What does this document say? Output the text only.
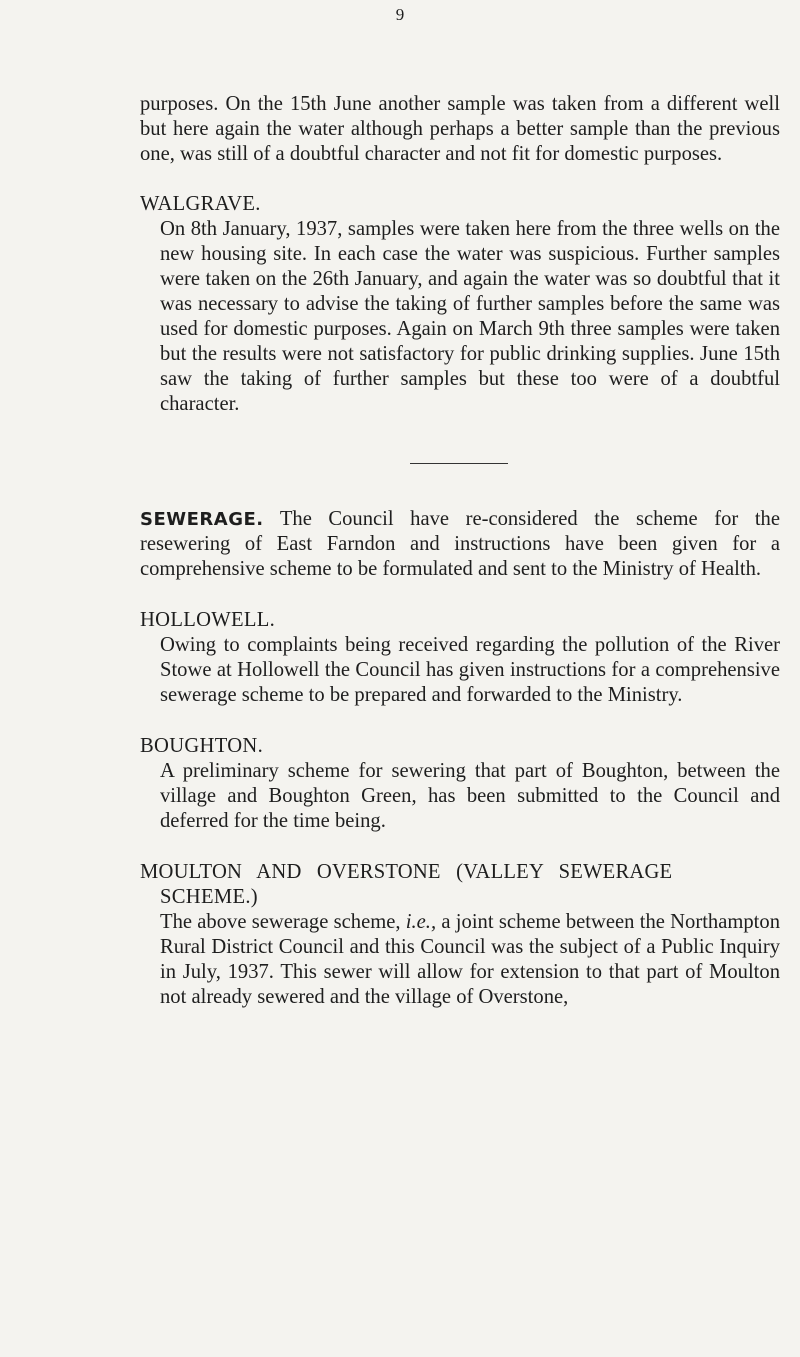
9

purposes. On the 15th June another sample was taken from a different well but here again the water although perhaps a better sample than the previous one, was still of a doubtful character and not fit for domestic purposes.

WALGRAVE.

On 8th January, 1937, samples were taken here from the three wells on the new housing site. In each case the water was suspicious. Further samples were taken on the 26th January, and again the water was so doubtful that it was necessary to advise the taking of further samples before the same was used for domestic purposes. Again on March 9th three samples were taken but the results were not satisfactory for public drinking supplies. June 15th saw the taking of further samples but these too were of a doubtful character.

SEWERAGE. The Council have re-considered the scheme for the resewering of East Farndon and instructions have been given for a comprehensive scheme to be formulated and sent to the Ministry of Health.

HOLLOWELL.

Owing to complaints being received regarding the pollution of the River Stowe at Hollowell the Council has given instructions for a comprehensive sewerage scheme to be prepared and forwarded to the Ministry.

BOUGHTON.

A preliminary scheme for sewering that part of Boughton, between the village and Boughton Green, has been submitted to the Council and deferred for the time being.

MOULTON AND OVERSTONE (VALLEY SEWERAGE
SCHEME.)

The above sewerage scheme, i.e., a joint scheme between the Northampton Rural District Council and this Council was the subject of a Public Inquiry in July, 1937. This sewer will allow for extension to that part of Moulton not already sewered and the village of Overstone,
